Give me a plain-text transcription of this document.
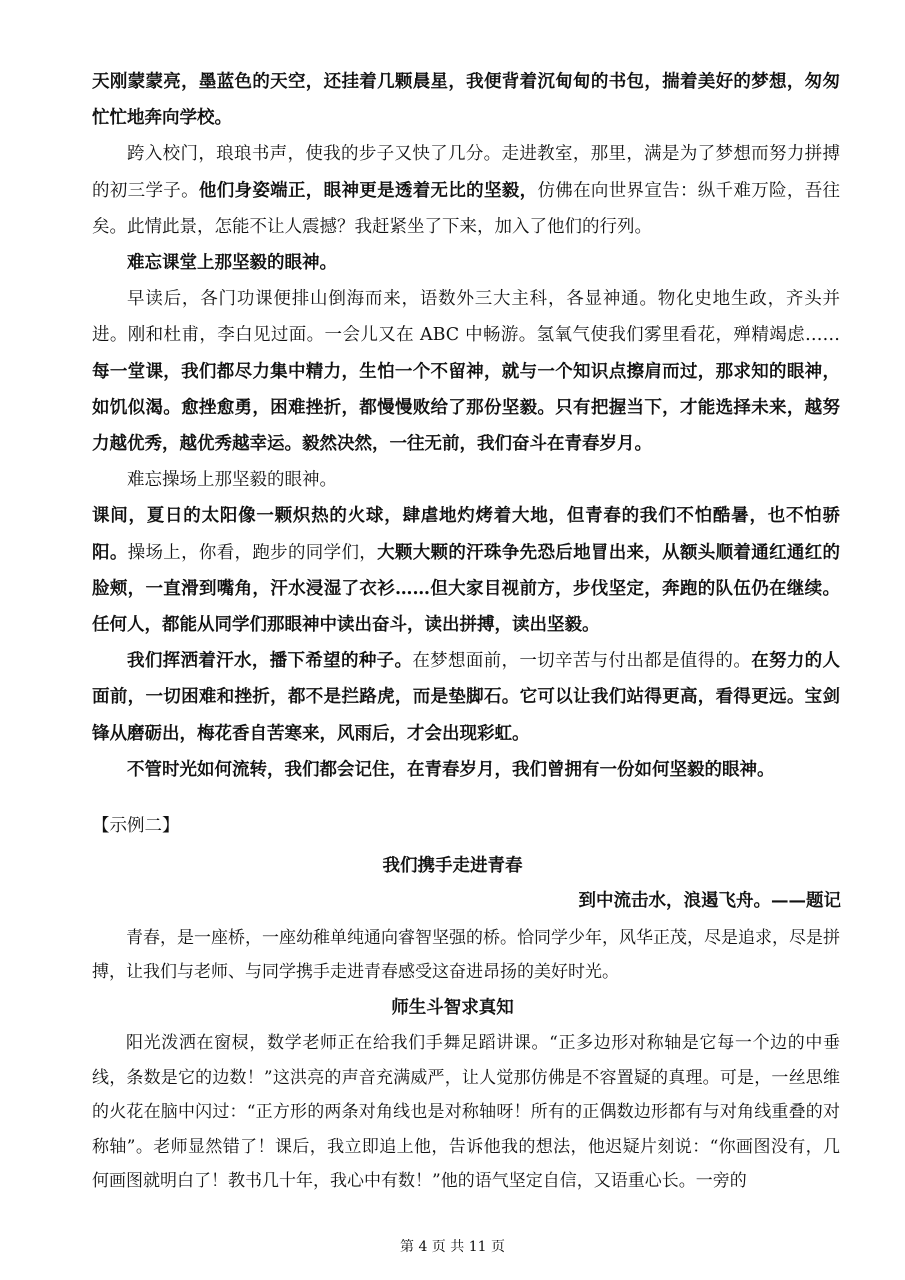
天刚蒙蒙亮，墨蓝色的天空，还挂着几颗晨星，我便背着沉甸甸的书包，揣着美好的梦想，匆匆忙忙地奔向学校。

跨入校门，琅琅书声，使我的步子又快了几分。走进教室，那里，满是为了梦想而努力拼搏的初三学子。他们身姿端正，眼神更是透着无比的坚毅，仿佛在向世界宣告：纵千难万险，吾往矣。此情此景，怎能不让人震撼？我赶紧坐了下来，加入了他们的行列。

难忘课堂上那坚毅的眼神。

早读后，各门功课便排山倒海而来，语数外三大主科，各显神通。物化史地生政，齐头并进。刚和杜甫，李白见过面。一会儿又在 ABC 中畅游。氢氧气使我们雾里看花，殚精竭虑……每一堂课，我们都尽力集中精力，生怕一个不留神，就与一个知识点擦肩而过，那求知的眼神，如饥似渴。愈挫愈勇，困难挫折，都慢慢败给了那份坚毅。只有把握当下，才能选择未来，越努力越优秀，越优秀越幸运。毅然决然，一往无前，我们奋斗在青春岁月。

难忘操场上那坚毅的眼神。

课间，夏日的太阳像一颗炽热的火球，肆虐地灼烤着大地，但青春的我们不怕酷暑，也不怕骄阳。操场上，你看，跑步的同学们，大颗大颗的汗珠争先恐后地冒出来，从额头顺着通红通红的脸颊，一直滑到嘴角，汗水浸湿了衣衫……但大家目视前方，步伐坚定，奔跑的队伍仍在继续。任何人，都能从同学们那眼神中读出奋斗，读出拼搏，读出坚毅。

我们挥洒着汗水，播下希望的种子。在梦想面前，一切辛苦与付出都是值得的。在努力的人面前，一切困难和挫折，都不是拦路虎，而是垫脚石。它可以让我们站得更高，看得更远。宝剑锋从磨砺出，梅花香自苦寒来，风雨后，才会出现彩虹。

不管时光如何流转，我们都会记住，在青春岁月，我们曾拥有一份如何坚毅的眼神。

【示例二】
我们携手走进青春
到中流击水，浪遏飞舟。——题记

青春，是一座桥，一座幼稚单纯通向睿智坚强的桥。恰同学少年，风华正茂，尽是追求，尽是拼搏，让我们与老师、与同学携手走进青春感受这奋进昂扬的美好时光。

师生斗智求真知

阳光泼洒在窗棂，数学老师正在给我们手舞足蹈讲课。“正多边形对称轴是它每一个边的中垂线，条数是它的边数！”这洪亮的声音充满威严，让人觉那仿佛是不容置疑的真理。可是，一丝思维的火花在脑中闪过：“正方形的两条对角线也是对称轴呀！所有的正偶数边形都有与对角线重叠的对称轴”。老师显然错了！课后，我立即追上他，告诉他我的想法，他迟疑片刻说：“你画图没有，几何画图就明白了！教书几十年，我心中有数！”他的语气坚定自信，又语重心长。一旁的

第 4 页 共 11 页
